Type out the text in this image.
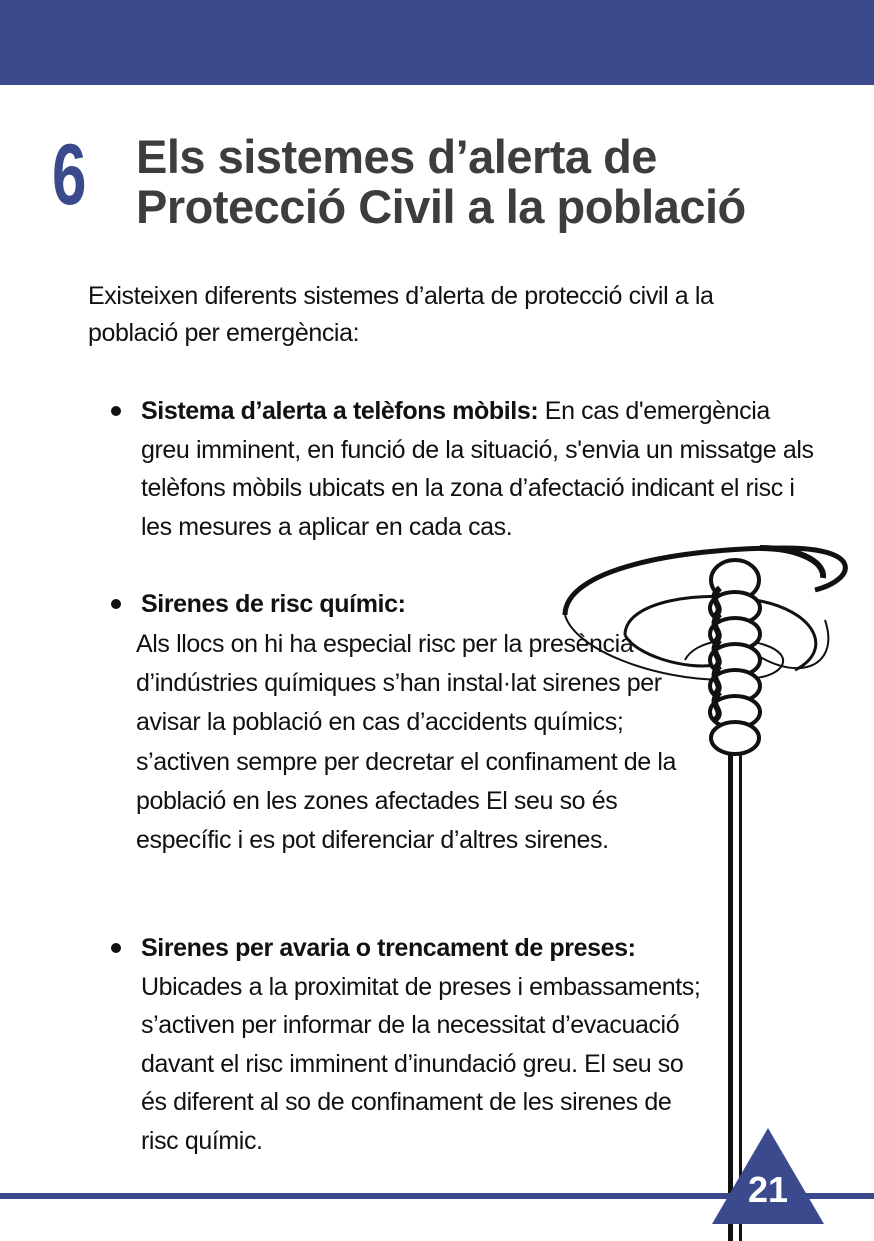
6 Els sistemes d’alerta de Protecció Civil a la població
Existeixen diferents sistemes d’alerta de protecció civil a la població per emergència:
Sistema d’alerta a telèfons mòbils: En cas d'emergència greu imminent, en funció de la situació, s'envia un missatge als telèfons mòbils ubicats en la zona d’afectació indicant el risc i les mesures a aplicar en cada cas.
Sirenes de risc químic:
Als llocs on hi ha especial risc per la presència d’indústries químiques s’han instal·lat sirenes per avisar la població en cas d’accidents químics; s’activen sempre per decretar el confinament de la població en les zones afectades El seu so és específic i es pot diferenciar d’altres sirenes.
Sirenes per avaria o trencament de preses: Ubicades a la proximitat de preses i embassaments; s’activen per informar de la necessitat d’evacuació davant el risc imminent d’inundació greu. El seu so és diferent al so de confinament de les sirenes de risc químic.
21
